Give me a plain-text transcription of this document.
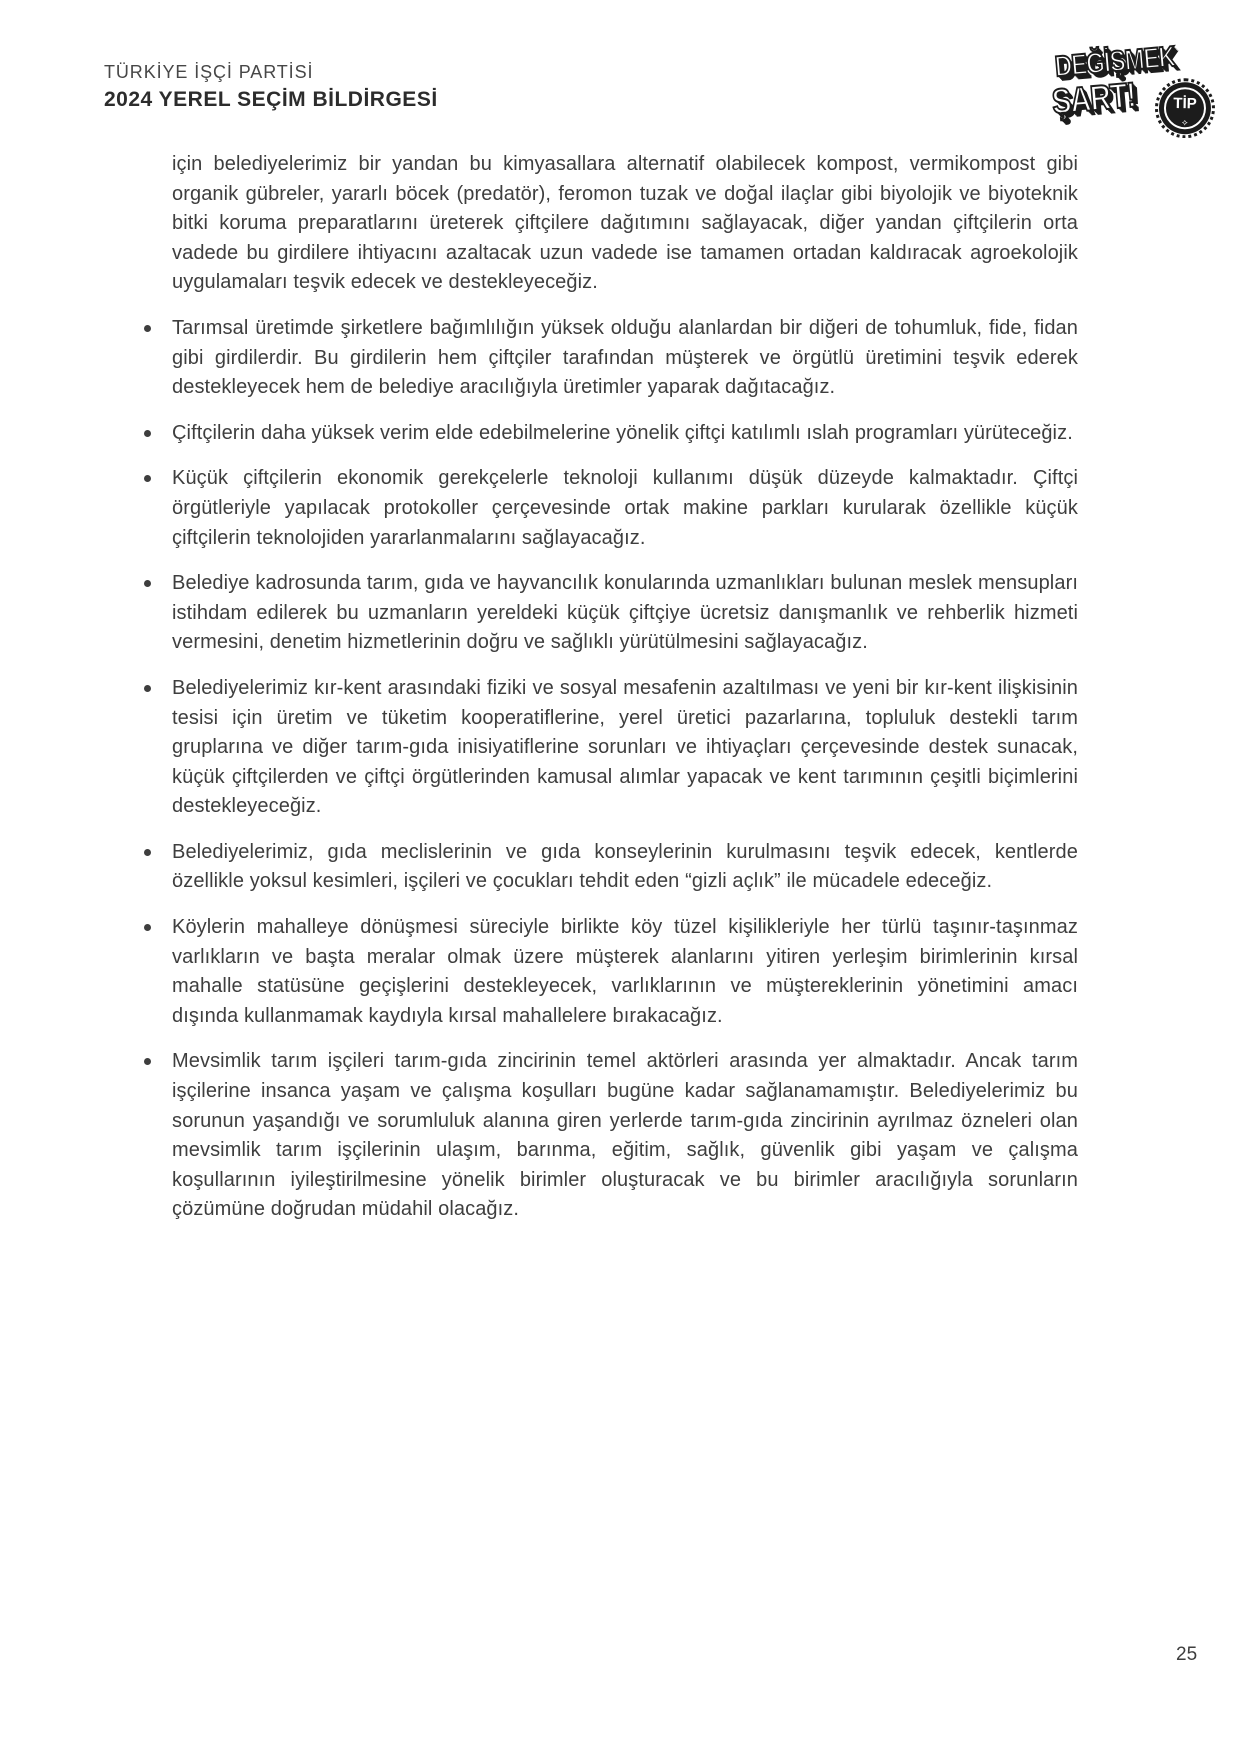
TÜRKİYE İŞÇİ PARTİSİ
2024 YEREL SEÇİM BİLDİRGESİ
DEĞİŞMEK
ŞART!	TİP
⟡

için belediyelerimiz bir yandan bu kimyasallara alternatif olabilecek kompost, vermikompost gibi organik gübreler, yararlı böcek (predatör), feromon tuzak ve doğal ilaçlar gibi biyolojik ve biyoteknik bitki koruma preparatlarını üreterek çiftçilere dağıtımını sağlayacak, diğer yandan çiftçilerin orta vadede bu girdilere ihtiyacını azaltacak uzun vadede ise tamamen ortadan kaldıracak agroekolojik uygulamaları teşvik edecek ve destekleyeceğiz.

Tarımsal üretimde şirketlere bağımlılığın yüksek olduğu alanlardan bir diğeri de tohumluk, fide, fidan gibi girdilerdir. Bu girdilerin hem çiftçiler tarafından müşterek ve örgütlü üretimini teşvik ederek destekleyecek hem de belediye aracılığıyla üretimler yaparak dağıtacağız.
Çiftçilerin daha yüksek verim elde edebilmelerine yönelik çiftçi katılımlı ıslah programları yürüteceğiz.
Küçük çiftçilerin ekonomik gerekçelerle teknoloji kullanımı düşük düzeyde kalmaktadır. Çiftçi örgütleriyle yapılacak protokoller çerçevesinde ortak makine parkları kurularak özellikle küçük çiftçilerin teknolojiden yararlanmalarını sağlayacağız.
Belediye kadrosunda tarım, gıda ve hayvancılık konularında uzmanlıkları bulunan meslek mensupları istihdam edilerek bu uzmanların yereldeki küçük çiftçiye ücretsiz danışmanlık ve rehberlik hizmeti vermesini, denetim hizmetlerinin doğru ve sağlıklı yürütülmesini sağlayacağız.
Belediyelerimiz kır-kent arasındaki fiziki ve sosyal mesafenin azaltılması ve yeni bir kır-kent ilişkisinin tesisi için üretim ve tüketim kooperatiflerine, yerel üretici pazarlarına, topluluk destekli tarım gruplarına ve diğer tarım-gıda inisiyatiflerine sorunları ve ihtiyaçları çerçevesinde destek sunacak, küçük çiftçilerden ve çiftçi örgütlerinden kamusal alımlar yapacak ve kent tarımının çeşitli biçimlerini destekleyeceğiz.
Belediyelerimiz, gıda meclislerinin ve gıda konseylerinin kurulmasını teşvik edecek, kentlerde özellikle yoksul kesimleri, işçileri ve çocukları tehdit eden “gizli açlık” ile mücadele edeceğiz.
Köylerin mahalleye dönüşmesi süreciyle birlikte köy tüzel kişilikleriyle her türlü taşınır-taşınmaz varlıkların ve başta meralar olmak üzere müşterek alanlarını yitiren yerleşim birimlerinin kırsal mahalle statüsüne geçişlerini destekleyecek, varlıklarının ve müştereklerinin yönetimini amacı dışında kullanmamak kaydıyla kırsal mahallelere bırakacağız.
Mevsimlik tarım işçileri tarım-gıda zincirinin temel aktörleri arasında yer almaktadır. Ancak tarım işçilerine insanca yaşam ve çalışma koşulları bugüne kadar sağlanamamıştır. Belediyelerimiz bu sorunun yaşandığı ve sorumluluk alanına giren yerlerde tarım-gıda zincirinin ayrılmaz özneleri olan mevsimlik tarım işçilerinin ulaşım, barınma, eğitim, sağlık, güvenlik gibi yaşam ve çalışma koşullarının iyileştirilmesine yönelik birimler oluşturacak ve bu birimler aracılığıyla sorunların çözümüne doğrudan müdahil olacağız.
25
